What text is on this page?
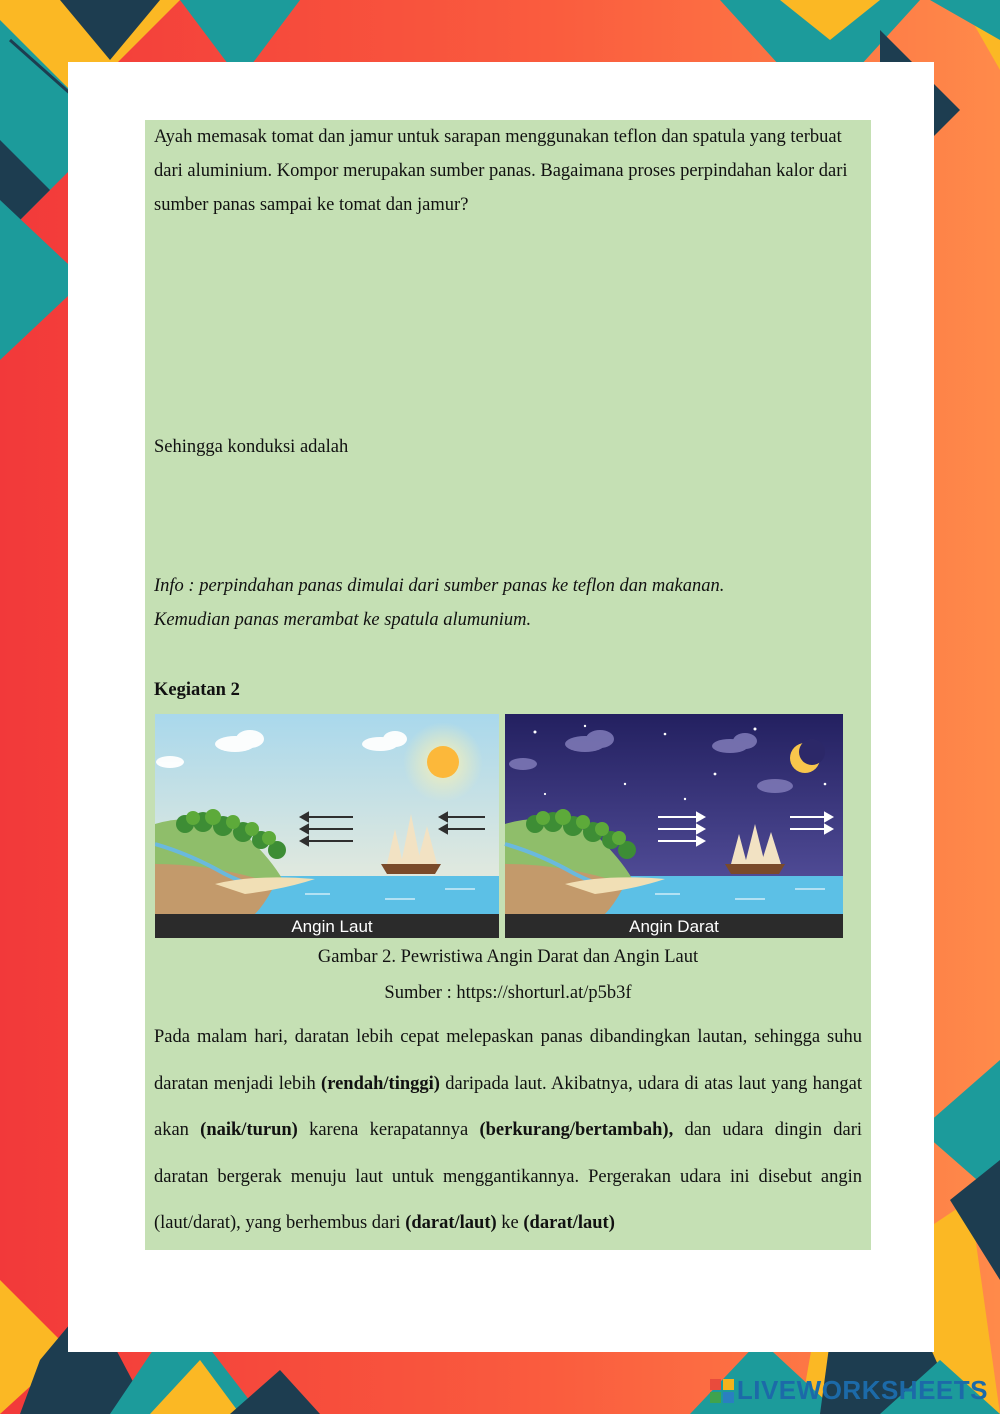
Ayah memasak tomat dan jamur untuk sarapan menggunakan teflon dan spatula yang terbuat dari aluminium. Kompor merupakan sumber panas. Bagaimana proses perpindahan kalor dari sumber panas sampai ke tomat dan jamur?
Sehingga konduksi adalah
Info : perpindahan panas dimulai dari sumber panas ke teflon dan makanan.
Kemudian panas merambat ke spatula alumunium.
Kegiatan 2
Angin Laut	Angin Darat
Gambar 2. Pewristiwa Angin Darat dan Angin Laut
Sumber : https://shorturl.at/p5b3f
Pada malam hari, daratan lebih cepat melepaskan panas dibandingkan lautan, sehingga suhu daratan menjadi lebih (rendah/tinggi) daripada laut. Akibatnya, udara di atas laut yang hangat akan (naik/turun) karena kerapatannya (berkurang/bertambah), dan udara dingin dari daratan bergerak menuju laut untuk menggantikannya. Pergerakan udara ini disebut angin (laut/darat), yang berhembus dari (darat/laut) ke (darat/laut)
LIVEWORKSHEETS
